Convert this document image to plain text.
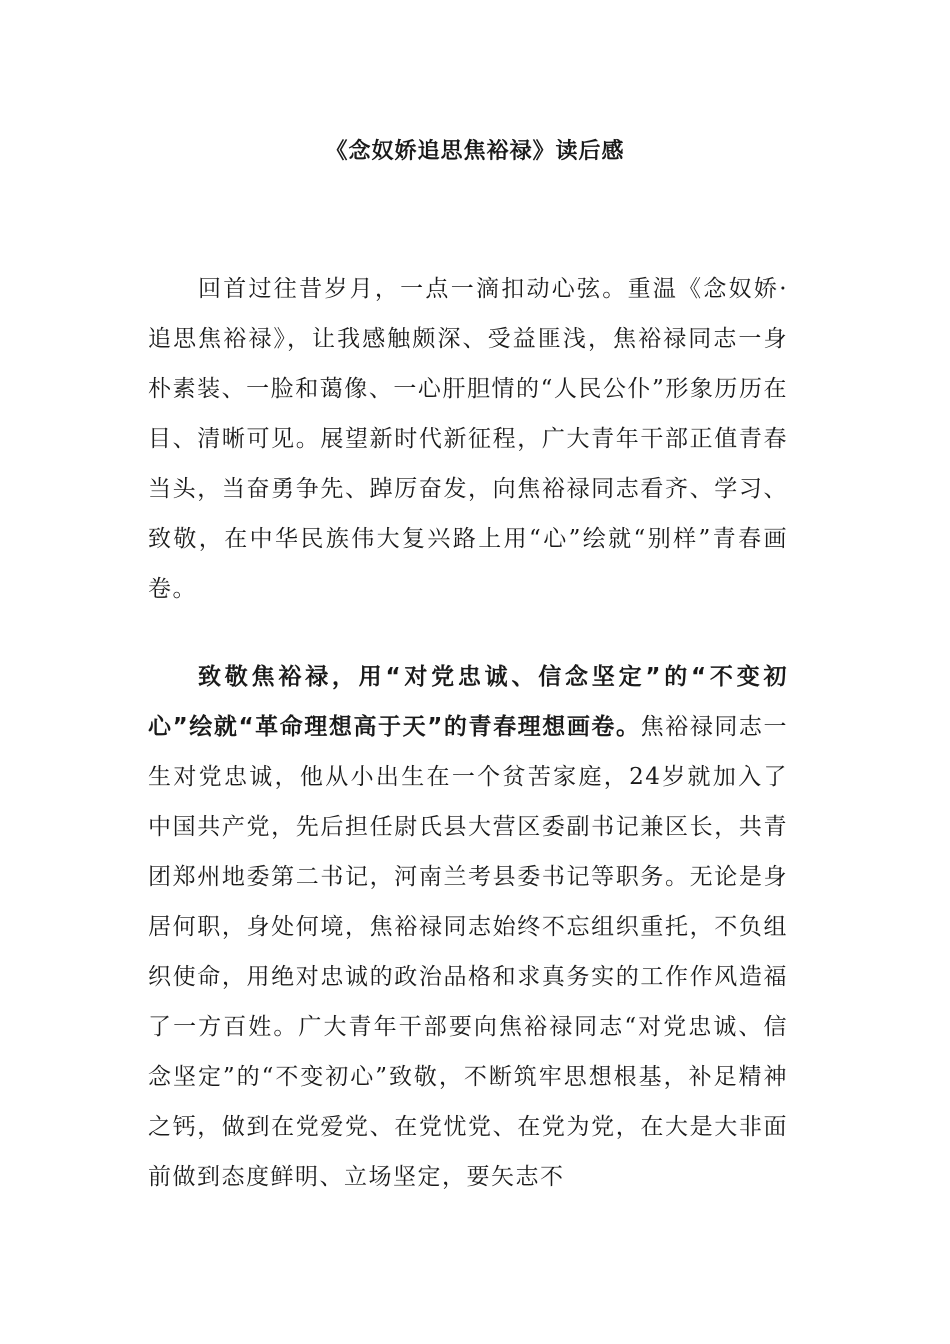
《念奴娇追思焦裕禄》读后感

回首过往昔岁月，一点一滴扣动心弦。重温《念奴娇·追思焦裕禄》，让我感触颇深、受益匪浅，焦裕禄同志一身朴素装、一脸和蔼像、一心肝胆情的“人民公仆”形象历历在目、清晰可见。展望新时代新征程，广大青年干部正值青春当头，当奋勇争先、踔厉奋发，向焦裕禄同志看齐、学习、致敬，在中华民族伟大复兴路上用“心”绘就“别样”青春画卷。

致敬焦裕禄，用“对党忠诚、信念坚定”的“不变初心”绘就“革命理想高于天”的青春理想画卷。焦裕禄同志一生对党忠诚，他从小出生在一个贫苦家庭，24岁就加入了中国共产党，先后担任尉氏县大营区委副书记兼区长，共青团郑州地委第二书记，河南兰考县委书记等职务。无论是身居何职，身处何境，焦裕禄同志始终不忘组织重托，不负组织使命，用绝对忠诚的政治品格和求真务实的工作作风造福了一方百姓。广大青年干部要向焦裕禄同志“对党忠诚、信念坚定”的“不变初心”致敬，不断筑牢思想根基，补足精神之钙，做到在党爱党、在党忧党、在党为党，在大是大非面前做到态度鲜明、立场坚定，要矢志不
